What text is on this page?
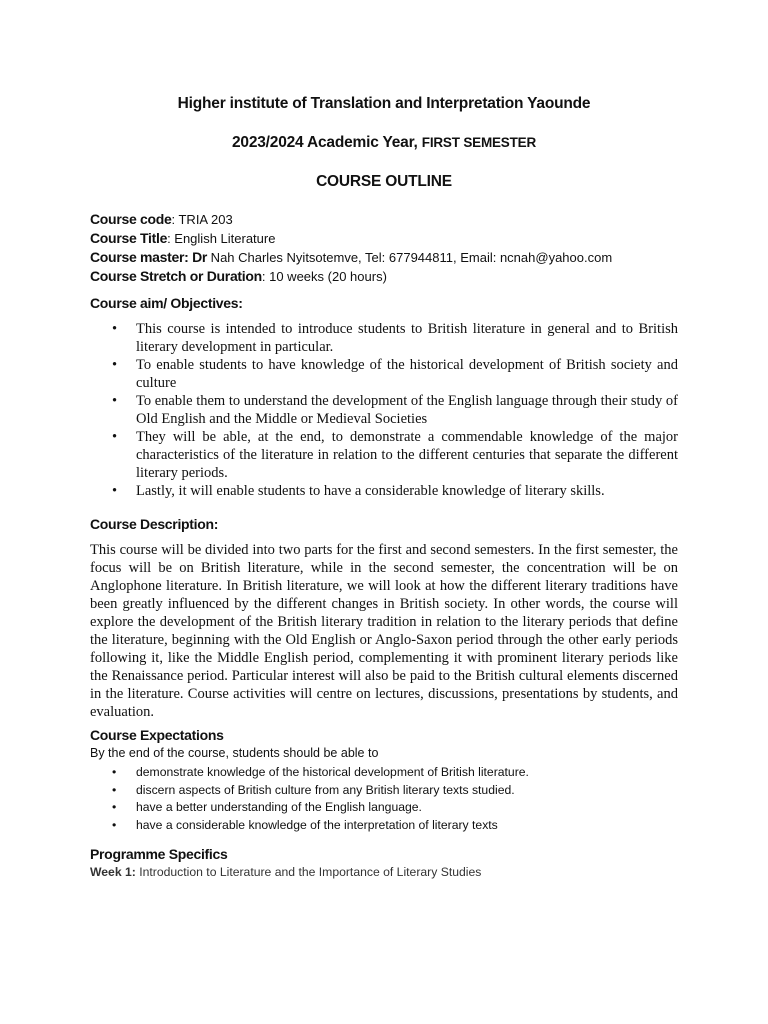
Higher institute of Translation and Interpretation Yaounde
2023/2024 Academic Year, FIRST SEMESTER
COURSE OUTLINE
Course code: TRIA 203
Course Title: English Literature
Course master: Dr Nah Charles Nyitsotemve, Tel: 677944811, Email: ncnah@yahoo.com
Course Stretch or Duration: 10 weeks (20 hours)
Course aim/ Objectives:
• This course is intended to introduce students to British literature in general and to British literary development in particular.
• To enable students to have knowledge of the historical development of British society and culture
• To enable them to understand the development of the English language through their study of Old English and the Middle or Medieval Societies
• They will be able, at the end, to demonstrate a commendable knowledge of the major characteristics of the literature in relation to the different centuries that separate the different literary periods.
• Lastly, it will enable students to have a considerable knowledge of literary skills.
Course Description:

This course will be divided into two parts for the first and second semesters. In the first semester, the focus will be on British literature, while in the second semester, the concentration will be on Anglophone literature. In British literature, we will look at how the different literary traditions have been greatly influenced by the different changes in British society. In other words, the course will explore the development of the British literary tradition in relation to the literary periods that define the literature, beginning with the Old English or Anglo-Saxon period through the other early periods following it, like the Middle English period, complementing it with prominent literary periods like the Renaissance period. Particular interest will also be paid to the British cultural elements discerned in the literature. Course activities will centre on lectures, discussions, presentations by students, and evaluation.

Course Expectations
By the end of the course, students should be able to
• demonstrate knowledge of the historical development of British literature.
• discern aspects of British culture from any British literary texts studied.
• have a better understanding of the English language.
• have a considerable knowledge of the interpretation of literary texts
Programme Specifics
Week 1: Introduction to Literature and the Importance of Literary Studies
